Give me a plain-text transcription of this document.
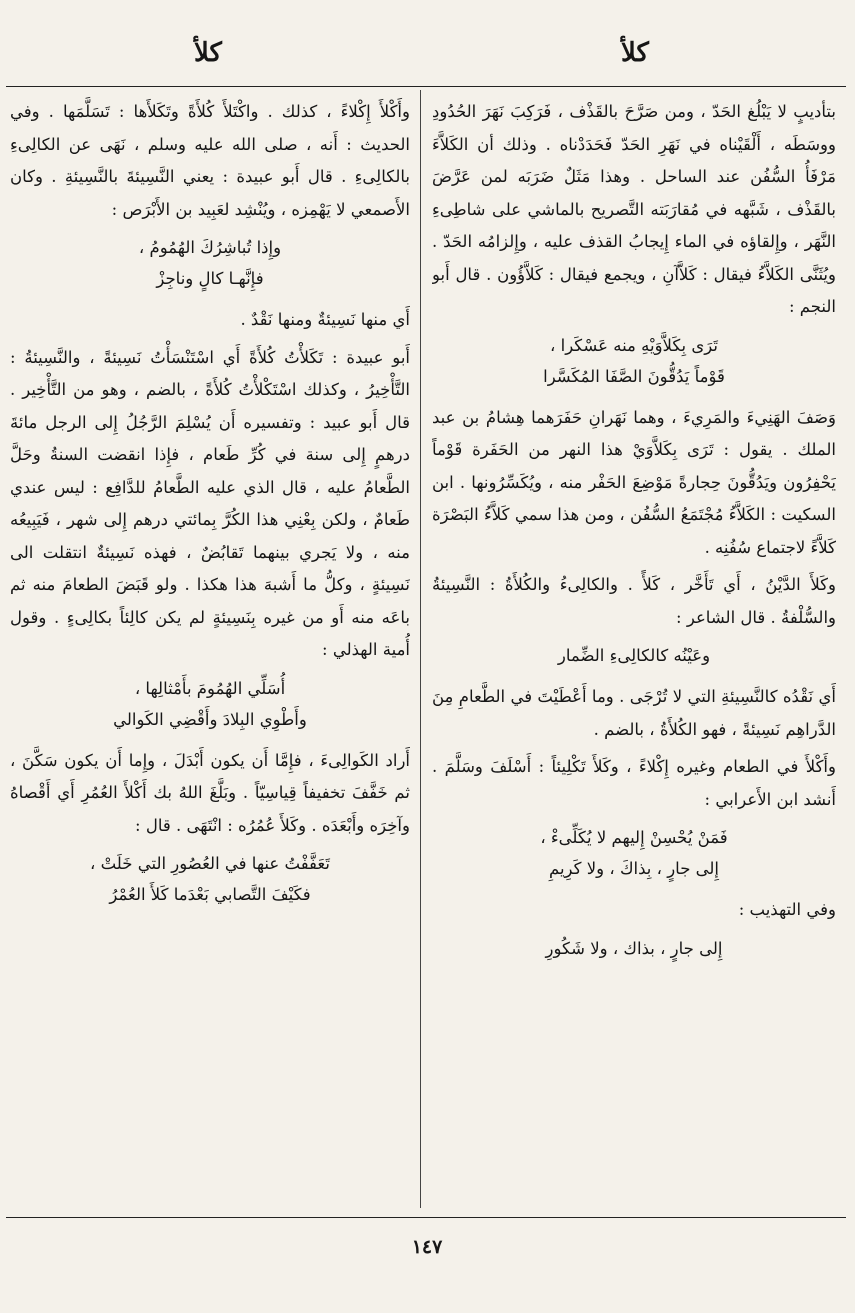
كلأ
كلأ

بتأديبٍ لا يَبْلُغ الحَدّ ، ومن صَرَّحَ بالقَذْف ، فَرَكِبَ نَهَرَ الحُدُودِ ووسَطَه ، أَلْقَيْناه في نَهَرِ الحَدّ فَحَدَدْناه . وذلك أن الكَلاَّءَ مَرْفَأُ السُّفُن عند الساحل . وهذا مَثَلٌ ضَرَبَه لمن عَرَّضَ بالقَذْف ، شَبَّهه في مُقارَبَته التَّصريح بالماشي على شاطِىءِ النَّهَر ، وإِلقاؤه في الماء إِيجابُ القذف عليه ، وإِلزامُه الحَدّ . ويُثَنَّى الكَلاَّءُ فيقال : كَلاَّآنِ ، ويجمع فيقال : كَلاَّؤُون . قال أَبو النجم :

تَرَى بِكَلاَّوَيْهِ منه عَسْكَرا ،
قَوْماً يَدُقُّونَ الصَّفَا المُكَسَّرا

وَصَفَ الهَنِيءَ والمَرِيءَ ، وهما نَهَرانِ حَفَرَهما هِشامُ بن عبد الملك . يقول : تَرَى بِكَلاَّوَيْ هذا النهر من الحَفَرة قَوْماً يَحْفِرُون ويَدُقُّونَ حِجارةً مَوْضِعَ الحَفْر منه ، ويُكَسِّرُونها . ابن السكيت : الكَلاَّءُ مُجْتَمَعُ السُّفُن ، ومن هذا سمي كَلاَّءُ البَصْرَة كَلاَّءً لاجتماع سُفُنِه .

وكَلأَ الدَّيْنُ ، أَي تَأَخَّر ، كَلأً . والكالِىءُ والكُلأَةُ : النَّسِيئةُ والسُّلْفةُ . قال الشاعر :

وعَيْنُه كالكالِىءِ الضِّمار

أَي نَقْدُه كالنَّسِيئةِ التي لا تُرْجَى . وما أَعْطَيْتَ في الطَّعامِ مِنَ الدَّراهِم نَسِيئةً ، فهو الكُلأَةُ ، بالضم .

وأَكْلأَ في الطعام وغيره إِكْلاءً ، وكَلأَ تَكْلِيئاً : أَسْلَفَ وسَلَّمَ . أَنشد ابن الأَعرابي :

فَمَنْ يُحْسِنْ إِليهم لا يُكَلِّىءْ ،
إِلى جارٍ ، بِذاكَ ، ولا كَرِيمِ

وفي التهذيب :

إِلى جارٍ ، بذاك ، ولا شَكُورِ

وأَكْلأَ إِكْلاءً ، كذلك . واكْتَلأَ كُلأَةً وتَكَلأَها : تَسَلَّمَها . وفي الحديث : أَنه ، صلى الله عليه وسلم ، نَهَى عن الكالِىءِ بالكالِىءِ . قال أَبو عبيدة : يعني النَّسِيئةَ بالنَّسِيئةِ . وكان الأَصمعي لا يَهْمِزه ، ويُنْشِد لعَبِيد بن الأَبْرَص :

وإِذا تُباشِرُكَ الهُمُومُ ،
فإِنَّهـا كالٍ وناجِزْ

أَي منها نَسِيئةٌ ومنها نَقْدٌ .

أَبو عبيدة : تَكَلأْتُ كُلأَةً أَي اسْتَنْسَأْتُ نَسِيئةً ، والنَّسِيئةُ : التَّأْخِيرُ ، وكذلك اسْتَكْلأْتُ كُلأَةً ، بالضم ، وهو من التَّأْخِير . قال أَبو عبيد : وتفسيره أَن يُسْلِمَ الرَّجُلُ إِلى الرجل مائةَ درهمٍ إِلى سنة في كُرِّ طَعام ، فإِذا انقضت السنةُ وحَلَّ الطَّعامُ عليه ، قال الذي عليه الطَّعامُ للدَّافِع : ليس عندي طَعامٌ ، ولكن بِعْنِي هذا الكُرَّ بِمائتي درهم إِلى شهر ، فَيَبِيعُه منه ، ولا يَجري بينهما تَقابُضٌ ، فهذه نَسِيئةٌ انتقلت الى نَسِيئةٍ ، وكلُّ ما أَشبهَ هذا هكذا . ولو قَبَضَ الطعامَ منه ثم باعَه منه أَو من غيره بِنَسِيئةٍ لم يكن كالِئاً بكالِىءٍ . وقول أُمية الهذلي :

أُسَلِّي الهُمُومَ بأَمْثالِها ،
وأَطْوِي البِلادَ وأَقْضِي الكَوالي

أَراد الكَوالِىءَ ، فإِمَّا أَن يكون أَبْدَلَ ، وإِما أَن يكون سَكَّنَ ، ثم خَفَّفَ تخفيفاً قِياسِيّاً . وبَلَّغَ اللهُ بك أَكْلأَ العُمُرِ أَي أَقْصاهُ وآخِرَه وأَبْعَدَه . وكَلأَ عُمُرُه : انْتَهَى . قال :

تَعَفَّفْتُ عنها في العُصُورِ التي خَلَتْ ،
فكَيْفَ التَّصابي بَعْدَما كَلأَ العُمْرُ
١٤٧
